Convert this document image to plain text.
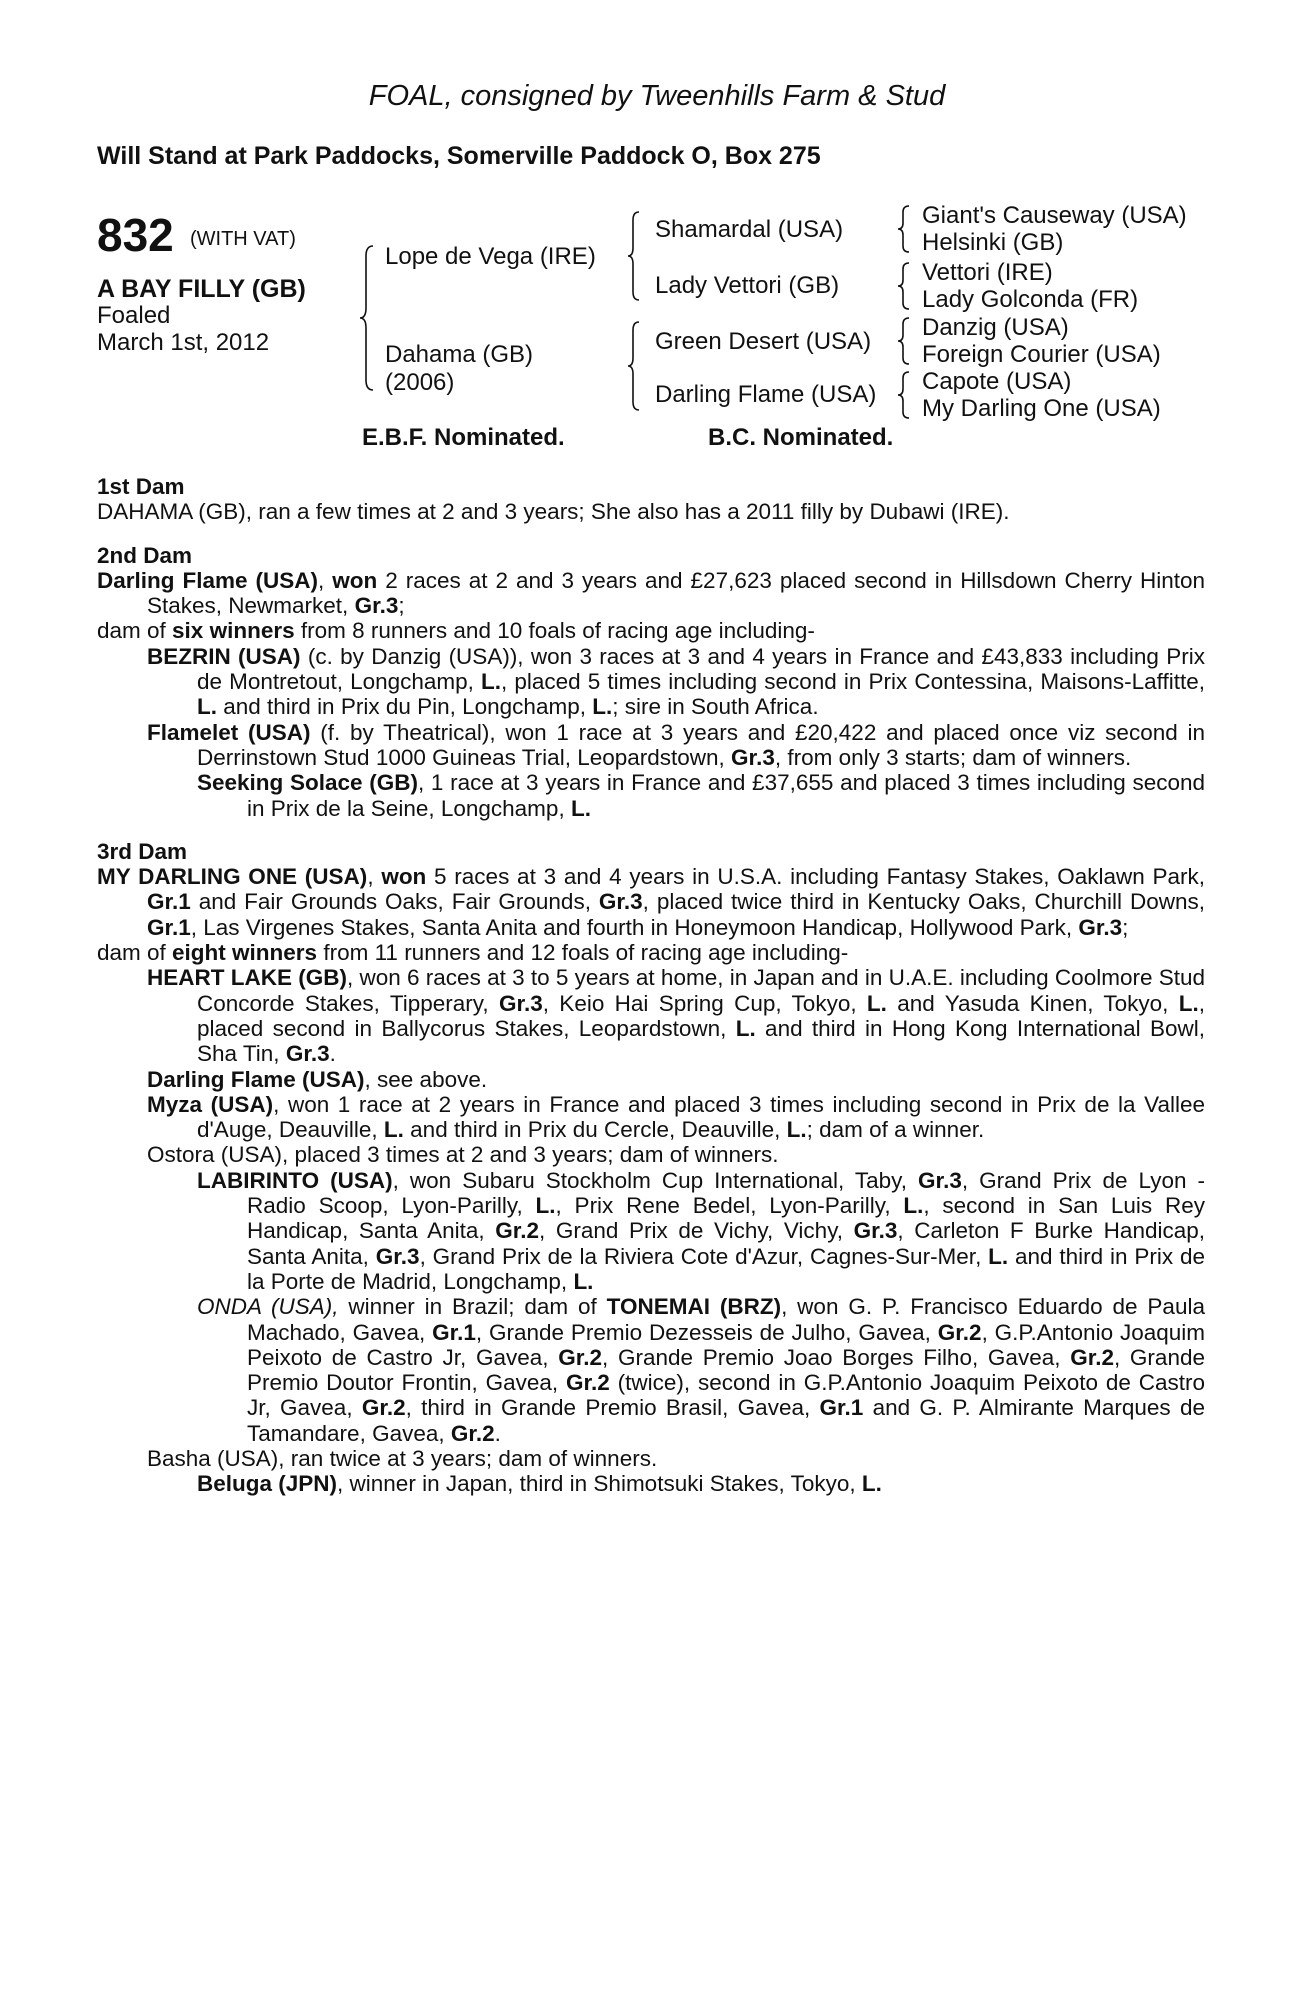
FOAL, consigned by Tweenhills Farm & Stud
Will Stand at Park Paddocks, Somerville Paddock O, Box 275
832 (WITH VAT)
A BAY FILLY (GB)
Foaled
March 1st, 2012
Lope de Vega (IRE)
Dahama (GB)
(2006)
Shamardal (USA)
Lady Vettori (GB)
Green Desert (USA)
Darling Flame (USA)
Giant's Causeway (USA)
Helsinki (GB)
Vettori (IRE)
Lady Golconda (FR)
Danzig (USA)
Foreign Courier (USA)
Capote (USA)
My Darling One (USA)
E.B.F. Nominated.	B.C. Nominated.
1st Dam
DAHAMA (GB), ran a few times at 2 and 3 years; She also has a 2011 filly by Dubawi (IRE).
2nd Dam
Darling Flame (USA), won 2 races at 2 and 3 years and £27,623 placed second in Hillsdown Cherry Hinton Stakes, Newmarket, Gr.3;
dam of six winners from 8 runners and 10 foals of racing age including-
BEZRIN (USA) (c. by Danzig (USA)), won 3 races at 3 and 4 years in France and £43,833 including Prix de Montretout, Longchamp, L., placed 5 times including second in Prix Contessina, Maisons-Laffitte, L. and third in Prix du Pin, Longchamp, L.; sire in South Africa.
Flamelet (USA) (f. by Theatrical), won 1 race at 3 years and £20,422 and placed once viz second in Derrinstown Stud 1000 Guineas Trial, Leopardstown, Gr.3, from only 3 starts; dam of winners.
Seeking Solace (GB), 1 race at 3 years in France and £37,655 and placed 3 times including second in Prix de la Seine, Longchamp, L.
3rd Dam
MY DARLING ONE (USA), won 5 races at 3 and 4 years in U.S.A. including Fantasy Stakes, Oaklawn Park, Gr.1 and Fair Grounds Oaks, Fair Grounds, Gr.3, placed twice third in Kentucky Oaks, Churchill Downs, Gr.1, Las Virgenes Stakes, Santa Anita and fourth in Honeymoon Handicap, Hollywood Park, Gr.3;
dam of eight winners from 11 runners and 12 foals of racing age including-
HEART LAKE (GB), won 6 races at 3 to 5 years at home, in Japan and in U.A.E. including Coolmore Stud Concorde Stakes, Tipperary, Gr.3, Keio Hai Spring Cup, Tokyo, L. and Yasuda Kinen, Tokyo, L., placed second in Ballycorus Stakes, Leopardstown, L. and third in Hong Kong International Bowl, Sha Tin, Gr.3.
Darling Flame (USA), see above.
Myza (USA), won 1 race at 2 years in France and placed 3 times including second in Prix de la Vallee d'Auge, Deauville, L. and third in Prix du Cercle, Deauville, L.; dam of a winner.
Ostora (USA), placed 3 times at 2 and 3 years; dam of winners.
LABIRINTO (USA), won Subaru Stockholm Cup International, Taby, Gr.3, Grand Prix de Lyon - Radio Scoop, Lyon-Parilly, L., Prix Rene Bedel, Lyon-Parilly, L., second in San Luis Rey Handicap, Santa Anita, Gr.2, Grand Prix de Vichy, Vichy, Gr.3, Carleton F Burke Handicap, Santa Anita, Gr.3, Grand Prix de la Riviera Cote d'Azur, Cagnes-Sur-Mer, L. and third in Prix de la Porte de Madrid, Longchamp, L.
ONDA (USA), winner in Brazil; dam of TONEMAI (BRZ), won G. P. Francisco Eduardo de Paula Machado, Gavea, Gr.1, Grande Premio Dezesseis de Julho, Gavea, Gr.2, G.P.Antonio Joaquim Peixoto de Castro Jr, Gavea, Gr.2, Grande Premio Joao Borges Filho, Gavea, Gr.2, Grande Premio Doutor Frontin, Gavea, Gr.2 (twice), second in G.P.Antonio Joaquim Peixoto de Castro Jr, Gavea, Gr.2, third in Grande Premio Brasil, Gavea, Gr.1 and G. P. Almirante Marques de Tamandare, Gavea, Gr.2.
Basha (USA), ran twice at 3 years; dam of winners.
Beluga (JPN), winner in Japan, third in Shimotsuki Stakes, Tokyo, L.
